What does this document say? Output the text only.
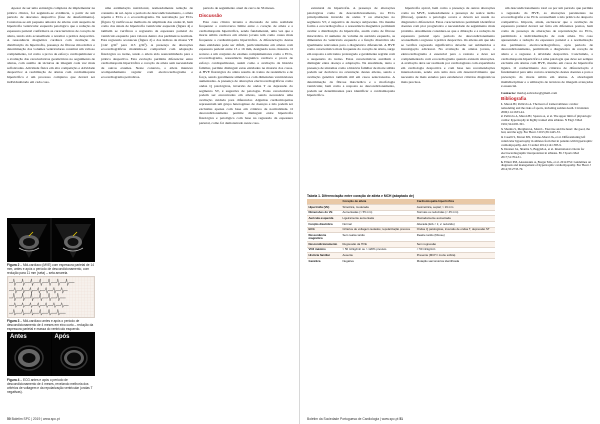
Apesar de ser uma estratégia complexa de implementar na prática clínica, foi seguindo-se evidência, a partir de um período de descanso desportivo (fase de desaferimento). Constatou-se em pequena amostra de atletas com suspeita de hipertrofia ventricular esquerda patológica que a redução da espessura parietal confirmava as características de coração de atleta, tendo sido aconselhado a retomar a prática desportiva. A ressonância magnética cardíaca com avaliação da distribuição da hipertrofia, presença de fibrose miocárdica e determinação dos volumes ventriculares constitui um valioso complemento, tal como a prova de esforço cardiopulmonar e a avaliação das características geométricas no seguimento de atletas, com auxílio de técnicas de imagem cada vez mais sofisticadas. Atividade física em alta competição e Atividade desportiva: A reabilitação de atletas com cardiomiopatia hipertrófica é um processo complexo que deverá ser individualizado em cada caso.

uma estimulação nutricional, nomeadamente redução de consumo de sal. Após o período de descondicionamento, o atleta repetiu o ECG e o ecocardiograma. Na reavaliação por ECG (figura 3) verificou-se melhoria da amplitude das ondas R, bem como dos sinais de hipertrofia ventricular esquerda (figura 4) e também se verificou a regressão da espessura parietal do ventrículo esquerdo para valores dentro dos parâmetros normais. Esta regressão aconteceu (figura 2) e dos índices de massa VE (142 g/m² para 113 g/m²). A presença de alterações ecocardiográficas mantinha-se compatível com adaptação fisiológica ao treino, tendo o atleta sido reencaminhado para a prática desportiva. Esta evolução permitiu diferenciar entre cardiomiopatia hipertrófica e coração de atleta sem necessidade de outros exames. Neste contexto, o atleta manteve acompanhamento regular com electrocardiograma e ecocardiograma periódicos.

período de seguimento atual de cerca de 36 meses.

Discussão

Este caso clínico levanta a discussão de uma realidade frequente: o controverso limite entre o coração de atleta e a cardiomiopatia hipertrófica, sendo fundamental, uma vez que a morte súbita cardíaca em atletas jovens tem como causa mais frequente a cardiomiopatia hipertrófica. A diferenciação destas duas entidades pode ser difícil, particularmente em atletas com espessura parietal entre 13 e 16 mm, designada zona cinzenta. O recurso a um conjunto de exames complementares como o ECG, ecocardiograma, ressonância magnética cardíaca e prova de esforço cardiopulmonar, assim como a avaliação da história familiar, permite distinguir estas entidades na maioria dos casos. A HVE fisiológica do atleta resulta do treino de resistência e de força, sendo geralmente simétrica e com dimensões ventriculares aumentadas. A presença de alterações electrocardiográficas como ondas Q patológicas, inversão de ondas T ou depressão do segmento ST, é sugestiva de patologia. Estas características podem ser encontradas em atletas, sendo necessária uma avaliação cuidada para diferenciar. Algumas cardiomiopatias representam um grupo heterogéneo de doenças e não podem ser excluídas apenas com base em critérios de normalidade. O descondicionamento permite distinguir entre hipertrofia fisiológica e patológica com base na regressão da espessura parietal, como foi demonstrado neste caso.

Figura 2 – Mid-cardíaco (MVE) com espessura parietal de 14 mm, antes e após o período de descondicionamento, com redução para 11 mm (seta) – seta amarela.
Figura 3 – Mid-cardíaco antes e após o período de descondicionamento de 4 meses em eixo curto – redução da espessura parietal e massa do ventrículo esquerdo.
Antes	Após
Figura 4 – ECG antes e após o período de descondicionamento de 4 meses, revelando melhoria dos critérios de voltagem e da repolarização ventricular (ondas T negativas).
50 Boletim SPC | 2019 | www.spc.pt

estrutural da hipertrofia. A presença de alterações patológicas como de descondicionamento, no ECG principalmente inversão de ondas T ou alterações no segmento ST, é sugestiva de doença subjacente. Da mesma forma a ecocardiografia e a ressonância magnética permitem avaliar a distribuição da hipertrofia, assim como de fibrose miocárdica. O aumento do volume da aurícula esquerda, as dimensões do ventrículo esquerdo e a função diastólica são igualmente relevantes para o diagnóstico diferencial. A HVE como característica mais frequente do coração de atleta, surge em resposta a um treino prolongado e geralmente regride com a suspensão do treino. Estas características auxiliam a distinguir entre doença e adaptação. Na atualidade, tanto a presença de sintomas como a história familiar de morte súbita podem ser decisivos na orientação destes atletas, sendo a avaliação genética também útil em casos selecionados. A determinação da fibrose miocárdica e a morfologia ventricular, bem como a resposta ao descondicionamento, podem ser determinantes para identificar a cardiomiopatia hipertrófica.

hipertrofia apical, bem como a presença de outras alterações como na MVE, nomeadamente a presença de realce tardio (fibrose), quando a patologia ocorre e deverá ser usada no diagnóstico diferencial. Estas características permitem identificar doentes com pior prognóstico e necessidade de seguimento mais próximo. Atualmente considera-se que a dilatação e a redução da espessura parietal após período de descondicionamento aconselham o regresso à prática desportiva. Os atletas em que não se verifica regressão significativa deverão ser submetidos a investigação adicional. Na avaliação de atletas jovens, o eletrocardiograma é essencial para o rastreio e deve ser complementado com ecocardiograma quando existem alterações. A avaliação deve ser realizada por cardiologistas com experiência em cardiologia desportiva e com base nas recomendações internacionais, sendo esta uma área em desenvolvimento que necessita de mais estudos para estabelecer critérios diagnósticos mais precisos.

um descondicionamento total ou por um período que permita a regressão da HVE, as alterações persistentes na ecocardiografia e no ECG aconselham a não prática de desporto competitivo. Importa, ainda, esclarecer que a avaliação da espessura parietal deverá ser feita em diferentes pontos, bem como da presença de alterações de repolarização no ECG, permitindo a individualização de cada atleta. No caso apresentado a redução da espessura parietal e a normalização dos parâmetros electrocardiográficos, após período de descondicionamento, permitiram o diagnóstico de coração de atleta e o regresso à atividade desportiva. Concluindo, a cardiomiopatia hipertrófica é uma patologia que deve ser sempre excluída em atletas com HVE, mesmo em casos de hipertrofia ligeira. O conhecimento dos critérios de diferenciação é fundamental para uma correta orientação destes doentes e para a prevenção da morte súbita em atletas. A abordagem multidisciplinar e a utilização de técnicas de imagem avançadas é essencial.

Contacto: mariaj.salvador@gmail.com

Bibliografia
1. Maron BJ, Pelliccia A. The heart of trained athletes: cardiac remodeling and the risks of sports, including sudden death. Circulation 2006;114:1633-44.
2. Pelliccia A, Maron BJ, Spataro A, et al. The upper limit of physiologic cardiac hypertrophy in highly trained elite athletes. N Engl J Med 1991;324:295-301.
3. Sharma S, Merghani A, Mont L. Exercise and the heart: the good, the bad, and the ugly. Eur Heart J 2015;36:1445-53.
4. Caselli S, Maron MS, Urbano-Moral JA, et al. Differentiating left ventricular hypertrophy in athletes from that in patients with hypertrophic cardiomyopathy. Am J Cardiol 2014;114:1383-9.
5. Drezner JA, Sharma S, Baggish A, et al. International criteria for electrocardiographic interpretation in athletes. Br J Sports Med 2017;51:704-31.
6. Elliott PM, Anastasakis A, Borger MA, et al. 2014 ESC Guidelines on diagnosis and management of hypertrophic cardiomyopathy. Eur Heart J 2014;35:2733-79.
Tabela 1. Diferenciação entre coração de atleta e MCH (adaptado de)
	Coração de atleta	Cardiomiopatia hipertrófica
Hipertrofia (VE)	Simétrica, moderada	Assimétrica, septal; > 16 mm
Dimensões do VE	Aumentadas (> 55 mm)	Normais ou reduzidas (< 45 mm)
Aurícula esquerda	Ligeiramente aumentada	Marcadamente aumentada
Função diastólica	Normal	Alterada (E/A < 1; e' reduzido)
ECG	Critérios de voltagem isolados; repolarização precoce	Ondas Q patológicas, inversão de ondas T, depressão ST
Ressonância magnética	Sem realce tardio	Realce tardio (fibrose)
Descondicionamento	Regressão da HVE	Sem regressão
VO2 máximo	> 50 ml/kg/min ou > 120% previsto	< 50 ml/kg/min
História familiar	Ausente	Presente (MCH / morte súbita)
Genética	Negativa	Mutação sarcomérica identificada
Boletim da Sociedade Portuguesa de Cardiologia | www.spc.pt 51
